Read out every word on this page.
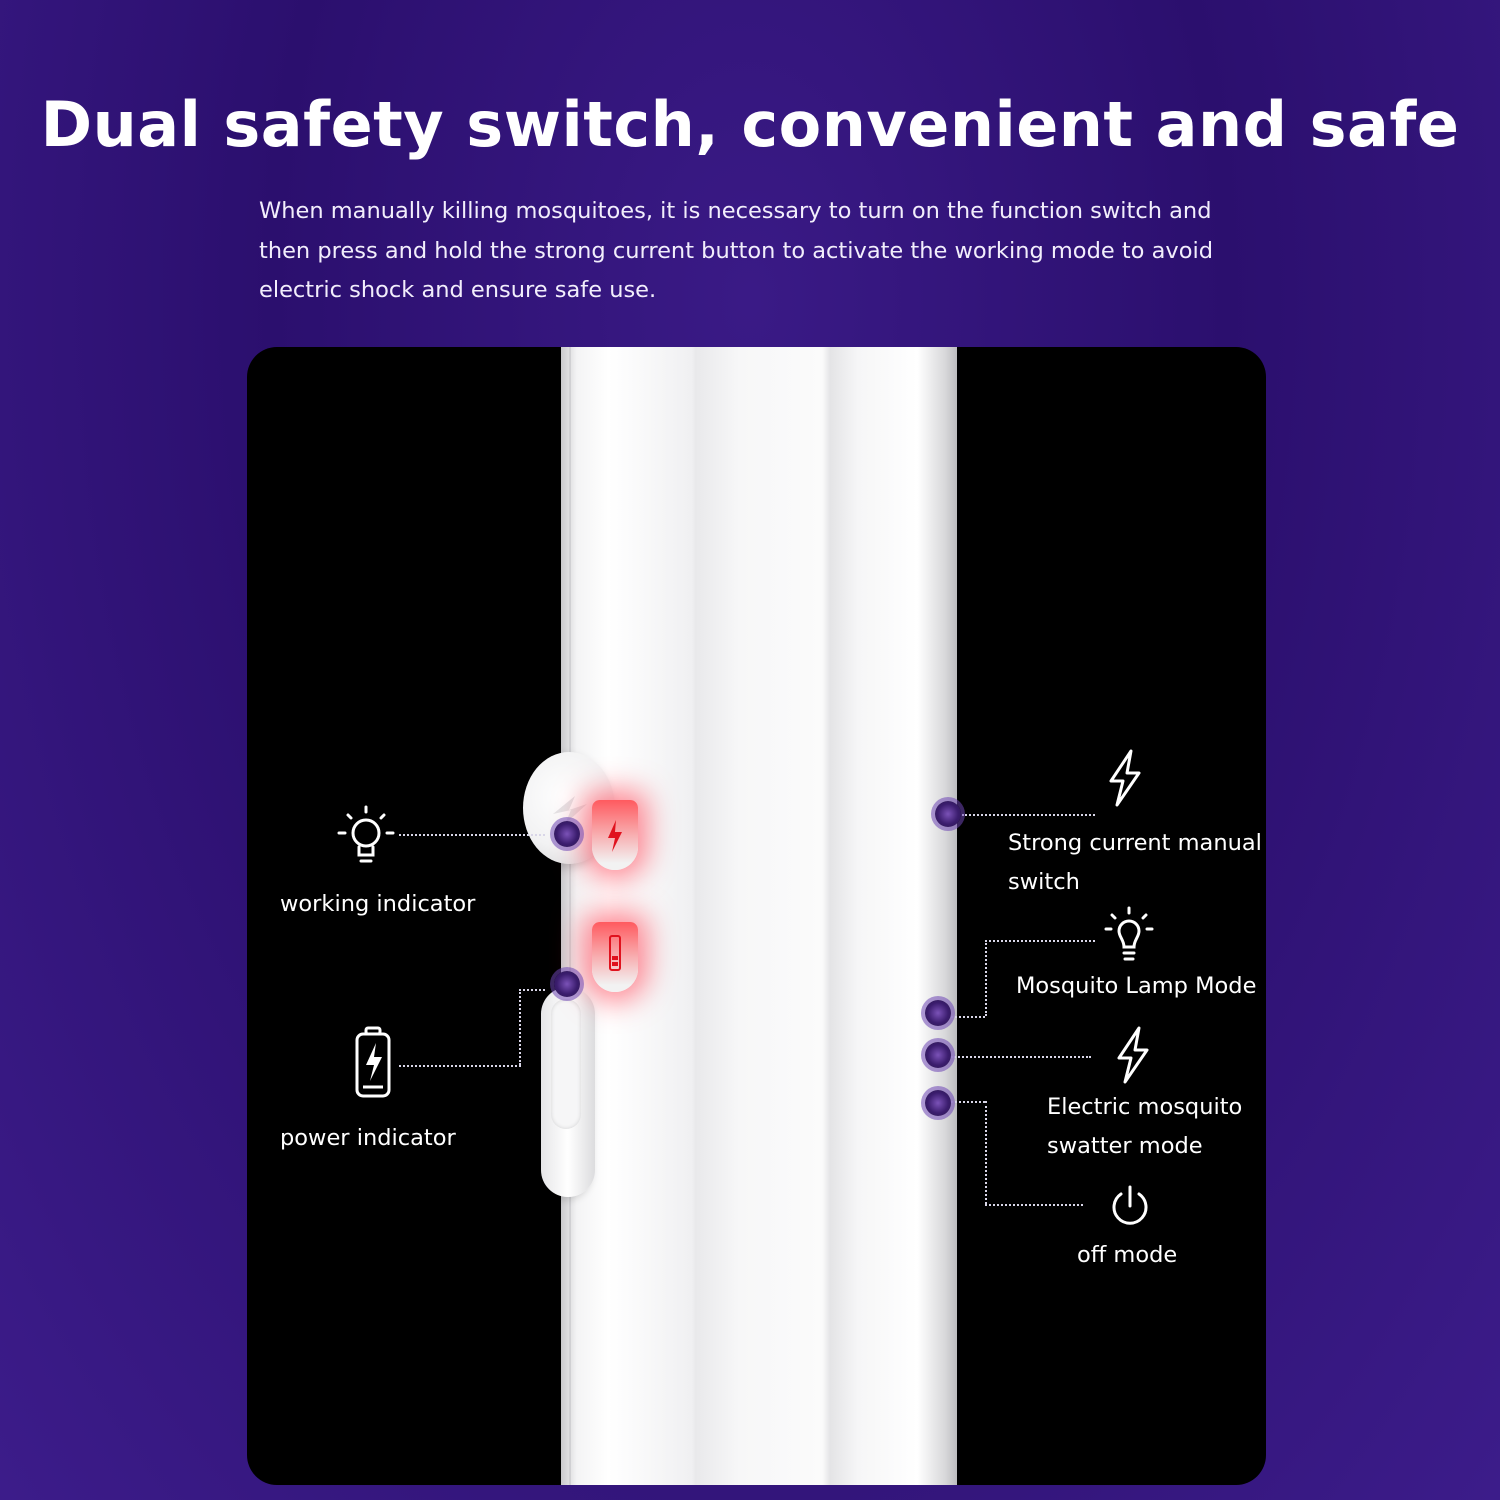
Dual safety switch, convenient and safe

When manually killing mosquitoes, it is necessary to turn on the function switch and then press and hold the strong current button to activate the working mode to avoid electric shock and ensure safe use.

working indicator
power indicator
Strong current manual switch
Mosquito Lamp Mode
Electric mosquito swatter mode
off mode
